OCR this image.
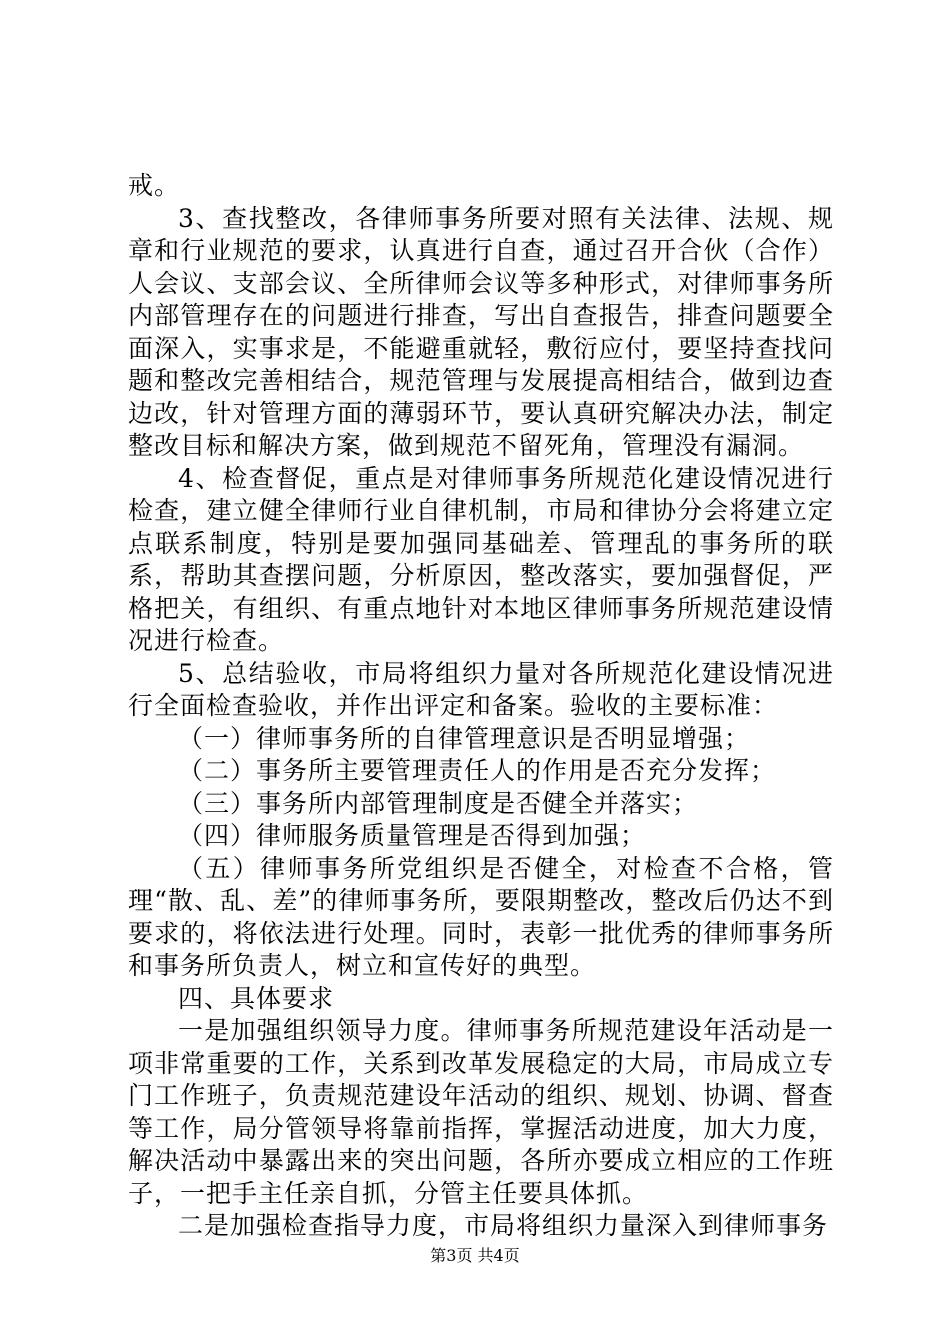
戒。

3、查找整改，各律师事务所要对照有关法律、法规、规章和行业规范的要求，认真进行自查，通过召开合伙（合作）人会议、支部会议、全所律师会议等多种形式，对律师事务所内部管理存在的问题进行排查，写出自查报告，排查问题要全面深入，实事求是，不能避重就轻，敷衍应付，要坚持查找问题和整改完善相结合，规范管理与发展提高相结合，做到边查边改，针对管理方面的薄弱环节，要认真研究解决办法，制定整改目标和解决方案，做到规范不留死角，管理没有漏洞。

4、检查督促，重点是对律师事务所规范化建设情况进行检查，建立健全律师行业自律机制，市局和律协分会将建立定点联系制度，特别是要加强同基础差、管理乱的事务所的联系，帮助其查摆问题，分析原因，整改落实，要加强督促，严格把关，有组织、有重点地针对本地区律师事务所规范建设情况进行检查。

5、总结验收，市局将组织力量对各所规范化建设情况进行全面检查验收，并作出评定和备案。验收的主要标准：

（一）律师事务所的自律管理意识是否明显增强；

（二）事务所主要管理责任人的作用是否充分发挥；

（三）事务所内部管理制度是否健全并落实；

（四）律师服务质量管理是否得到加强；

（五）律师事务所党组织是否健全，对检查不合格，管理“散、乱、差”的律师事务所，要限期整改，整改后仍达不到要求的，将依法进行处理。同时，表彰一批优秀的律师事务所和事务所负责人，树立和宣传好的典型。

四、具体要求

一是加强组织领导力度。律师事务所规范建设年活动是一项非常重要的工作，关系到改革发展稳定的大局，市局成立专门工作班子，负责规范建设年活动的组织、规划、协调、督查等工作，局分管领导将靠前指挥，掌握活动进度，加大力度，解决活动中暴露出来的突出问题，各所亦要成立相应的工作班子，一把手主任亲自抓，分管主任要具体抓。

二是加强检查指导力度，市局将组织力量深入到律师事务

第3页 共4页
